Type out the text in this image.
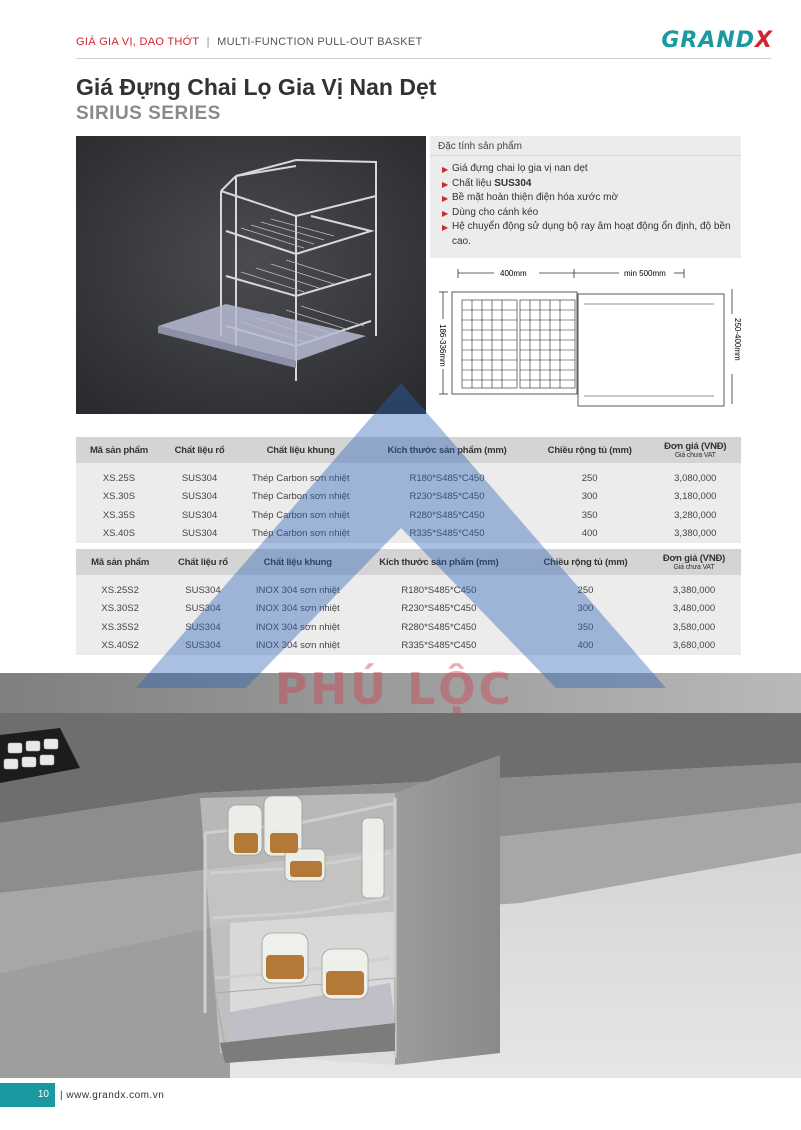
GIÁ GIA VỊ, DAO THỚT | MULTI-FUNCTION PULL-OUT BASKET	GRANDX
Giá Đựng Chai Lọ Gia Vị Nan Dẹt
SIRIUS SERIES
Đặc tính sản phẩm
▶ Giá đựng chai lọ gia vị nan dẹt
▶ Chất liệu SUS304
▶ Bề mặt hoàn thiện điện hóa xước mờ
▶ Dùng cho cánh kéo
▶ Hệ chuyển động sử dụng bộ ray âm hoạt động ổn định, độ bền cao.
400mm	min 500mm
186-336mm	250-400mm
Mã sản phẩm	Chất liệu rổ	Chất liệu khung	Kích thước sản phẩm (mm)	Chiều rộng tủ (mm)	Đơn giá (VNĐ)
Giá chưa VAT

XS.25S	SUS304	Thép Carbon sơn nhiệt	R180*S485*C450	250	3,080,000
XS.30S	SUS304	Thép Carbon sơn nhiệt	R230*S485*C450	300	3,180,000
XS.35S	SUS304	Thép Carbon sơn nhiệt	R280*S485*C450	350	3,280,000
XS.40S	SUS304	Thép Carbon sơn nhiệt	R335*S485*C450	400	3,380,000
Mã sản phẩm	Chất liệu rổ	Chất liệu khung	Kích thước sản phẩm (mm)	Chiều rộng tủ (mm)	Đơn giá (VNĐ)
Giá chưa VAT

XS.25S2	SUS304	INOX 304 sơn nhiệt	R180*S485*C450	250	3,380,000
XS.30S2	SUS304	INOX 304 sơn nhiệt	R230*S485*C450	300	3,480,000
XS.35S2	SUS304	INOX 304 sơn nhiệt	R280*S485*C450	350	3,580,000
XS.40S2	SUS304	INOX 304 sơn nhiệt	R335*S485*C450	400	3,680,000
PHÚ LỘC
10	| www.grandx.com.vn
